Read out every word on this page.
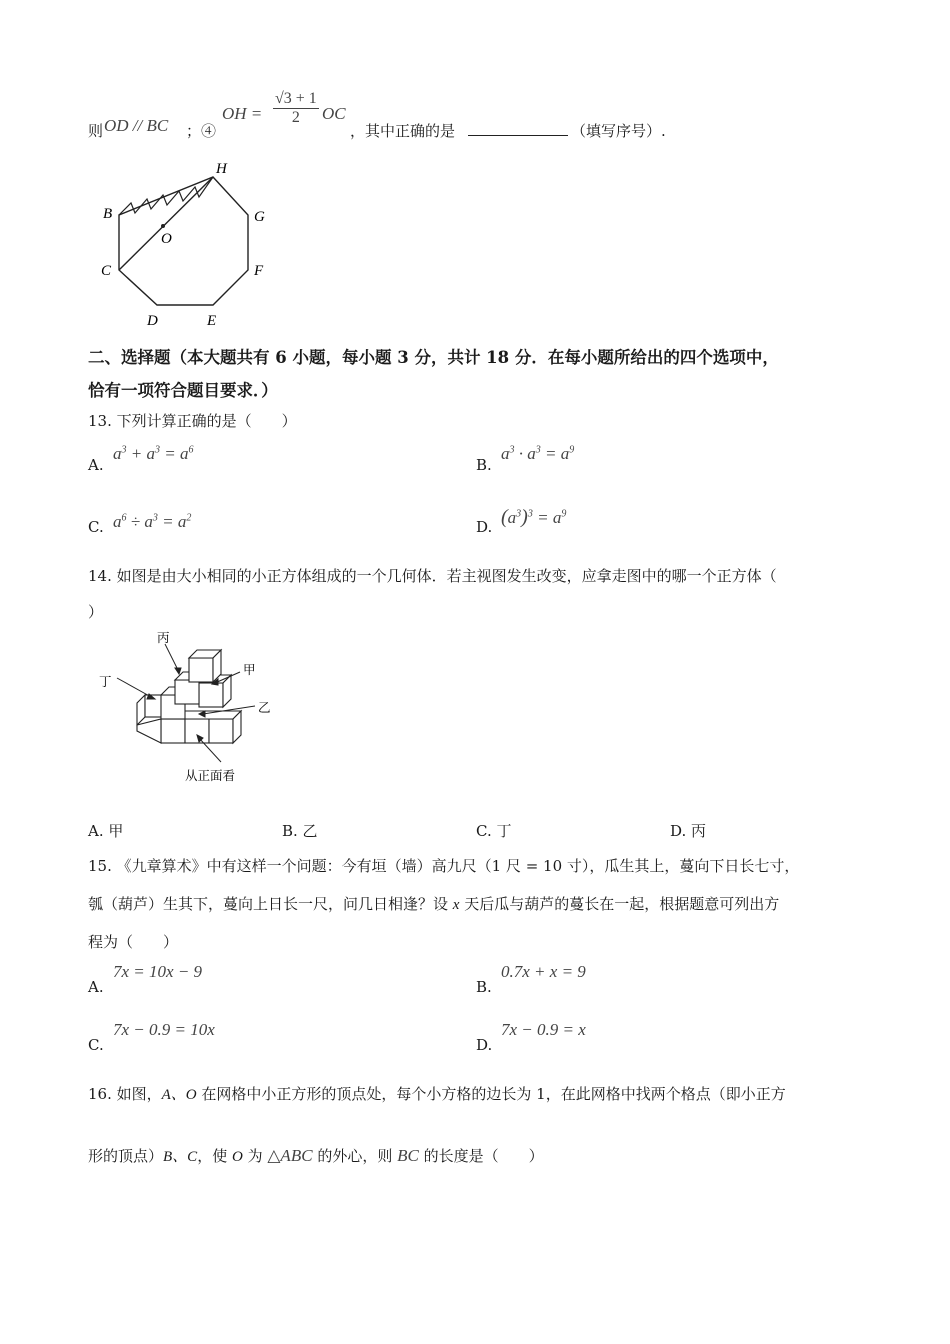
则 OD // BC ；④
OH = $\frac{√3 + 1}{2}$ OC
，其中正确的是	（填写序号）.
H
B	G
O
C	F
D	E
二、选择题（本大题共有 6 小题，每小题 3 分，共计 18 分．在每小题所给出的四个选项中，
恰有一项符合题目要求．）
13. 下列计算正确的是（　　）
A.
$a^3 + a^3 = a^6$
B.
$a^3 \cdot a^3 = a^9$
C. $a^6 \div a^3 = a^2$
D. $(a^3)^3 = a^9$
14. 如图是由大小相同的小正方体组成的一个几何体．若主视图发生改变，应拿走图中的哪一个正方体（
）
丙
甲
丁
乙
从正面看
A. 甲	B. 乙	C. 丁	D. 丙
15. 《九章算术》中有这样一个问题：今有垣（墙）高九尺（1 尺 = 10 寸），瓜生其上，蔓向下日长七寸，
瓠（葫芦）生其下，蔓向上日长一尺，问几日相逢？设 x 天后瓜与葫芦的蔓长在一起，根据题意可列出方
程为（　　）
A.
7x = 10x − 9
B.
0.7x + x = 9
C.
7x − 0.9 = 10x
D.
7x − 0.9 = x
16. 如图，A、O 在网格中小正方形的顶点处，每个小方格的边长为 1，在此网格中找两个格点（即小正方
形的顶点）B、C，使 O 为 △ABC 的外心，则 BC 的长度是（　　）
